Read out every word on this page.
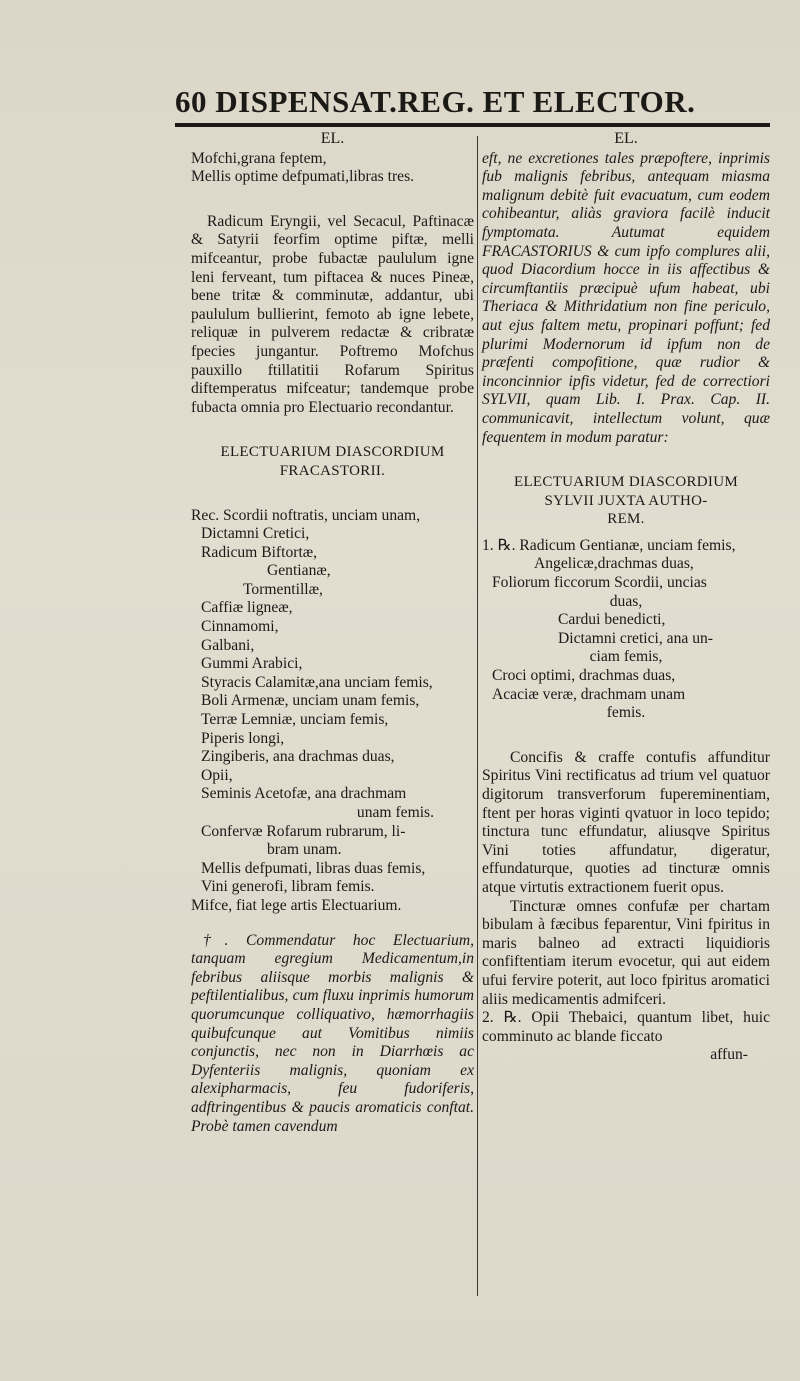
60 DISPENSAT.REG. ET ELECTOR.

EL.

Mofchi,grana feptem,

Mellis optime defpumati,libras tres.

Radicum Eryngii, vel Secacul, Paftinacæ & Satyrii feorfim optime piftæ, melli mifceantur, probe fubactæ paululum igne leni ferveant, tum piftacea & nuces Pineæ, bene tritæ & comminutæ, addantur, ubi paululum bullierint, femoto ab igne lebete, reliquæ in pulverem redactæ & cribratæ fpecies jungantur. Poftremo Mofchus pauxillo ftillatitii Rofarum Spiritus diftemperatus mifceatur; tandemque probe fubacta omnia pro Electuario recondantur.

ELECTUARIUM DIASCORDIUM

FRACASTORII.

Rec. Scordii noftratis, unciam unam,

Dictamni Cretici,

Radicum Biftortæ,

Gentianæ,

Tormentillæ,

Caffiæ ligneæ,

Cinnamomi,

Galbani,

Gummi Arabici,

Styracis Calamitæ,ana unciam femis,

Boli Armenæ, unciam unam femis,

Terræ Lemniæ, unciam femis,

Piperis longi,

Zingiberis, ana drachmas duas,

Opii,

Seminis Acetofæ, ana drachmam

unam femis.

Confervæ Rofarum rubrarum, li-

bram unam.

Mellis defpumati, libras duas femis,

Vini generofi, libram femis.

Mifce, fiat lege artis Electuarium.

†. Commendatur hoc Electuarium, tanquam egregium Medicamentum,in febribus aliisque morbis malignis & peftilentialibus, cum fluxu inprimis humorum quorumcunque colliquativo, hæmorrhagiis quibufcunque aut Vomitibus nimiis conjunctis, nec non in Diarrhœis ac Dyfenteriis malignis, quoniam ex alexipharmacis, feu fudoriferis, adftringentibus & paucis aromaticis conftat. Probè tamen cavendum

EL.

eft, ne excretiones tales præpoftere, inprimis fub malignis febribus, antequam miasma malignum debitè fuit evacuatum, cum eodem cohibeantur, aliàs graviora facilè inducit fymptomata. Autumat equidem FRACASTORIUS & cum ipfo complures alii, quod Diacordium hocce in iis affectibus & circumftantiis præcipuè ufum habeat, ubi Theriaca & Mithridatium non fine periculo, aut ejus faltem metu, propinari poffunt; fed plurimi Modernorum id ipfum non de præfenti compofitione, quæ rudior & inconcinnior ipfis videtur, fed de correctiori SYLVII, quam Lib. I. Prax. Cap. II. communicavit, intellectum volunt, quæ fequentem in modum paratur:

ELECTUARIUM DIASCORDIUM

SYLVII JUXTA AUTHO-

REM.

1. ℞. Radicum Gentianæ, unciam femis,

Angelicæ,drachmas duas,

Foliorum ficcorum Scordii, uncias

duas,

Cardui benedicti,

Dictamni cretici, ana un-

ciam femis,

Croci optimi, drachmas duas,

Acaciæ veræ, drachmam unam

femis.

Concifis & craffe contufis affunditur Spiritus Vini rectificatus ad trium vel quatuor digitorum transverforum fupereminentiam, ftent per horas viginti qvatuor in loco tepido; tinctura tunc effundatur, aliusqve Spiritus Vini toties affundatur, digeratur, effundaturque, quoties ad tincturæ omnis atque virtutis extractionem fuerit opus.

Tincturæ omnes confufæ per chartam bibulam à fæcibus feparentur, Vini fpiritus in maris balneo ad extracti liquidioris confiftentiam iterum evocetur, qui aut eidem ufui fervire poterit, aut loco fpiritus aromatici aliis medicamentis admifceri.

2. ℞. Opii Thebaici, quantum libet, huic comminuto ac blande ficcato

affun-
